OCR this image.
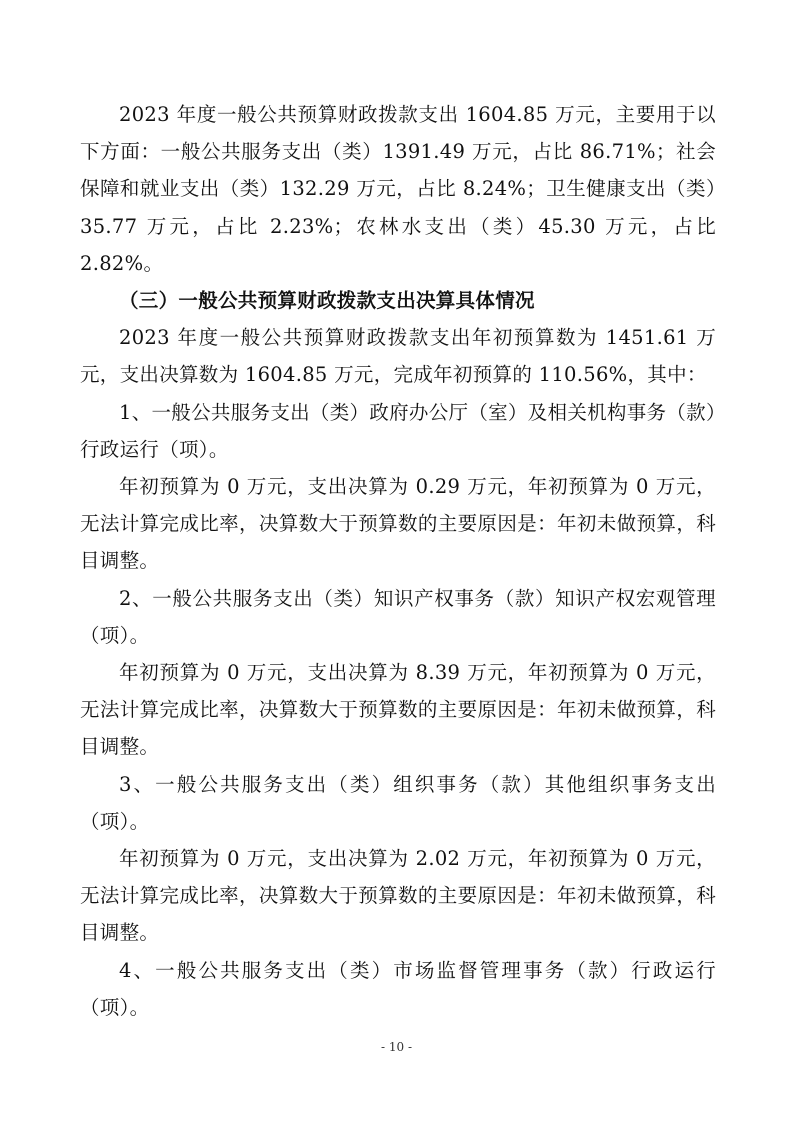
2023 年度一般公共预算财政拨款支出 1604.85 万元，主要用于以下方面：一般公共服务支出（类）1391.49 万元，占比 86.71%；社会保障和就业支出（类）132.29 万元，占比 8.24%；卫生健康支出（类）35.77 万元，占比 2.23%；农林水支出（类）45.30 万元，占比 2.82%。

（三）一般公共预算财政拨款支出决算具体情况

2023 年度一般公共预算财政拨款支出年初预算数为 1451.61 万元，支出决算数为 1604.85 万元，完成年初预算的 110.56%，其中：

1、一般公共服务支出（类）政府办公厅（室）及相关机构事务（款）行政运行（项）。

年初预算为 0 万元，支出决算为 0.29 万元，年初预算为 0 万元，无法计算完成比率，决算数大于预算数的主要原因是：年初未做预算，科目调整。

2、一般公共服务支出（类）知识产权事务（款）知识产权宏观管理（项）。

年初预算为 0 万元，支出决算为 8.39 万元，年初预算为 0 万元，无法计算完成比率，决算数大于预算数的主要原因是：年初未做预算，科目调整。

3、一般公共服务支出（类）组织事务（款）其他组织事务支出（项）。

年初预算为 0 万元，支出决算为 2.02 万元，年初预算为 0 万元，无法计算完成比率，决算数大于预算数的主要原因是：年初未做预算，科目调整。

4、一般公共服务支出（类）市场监督管理事务（款）行政运行（项）。

- 10 -
